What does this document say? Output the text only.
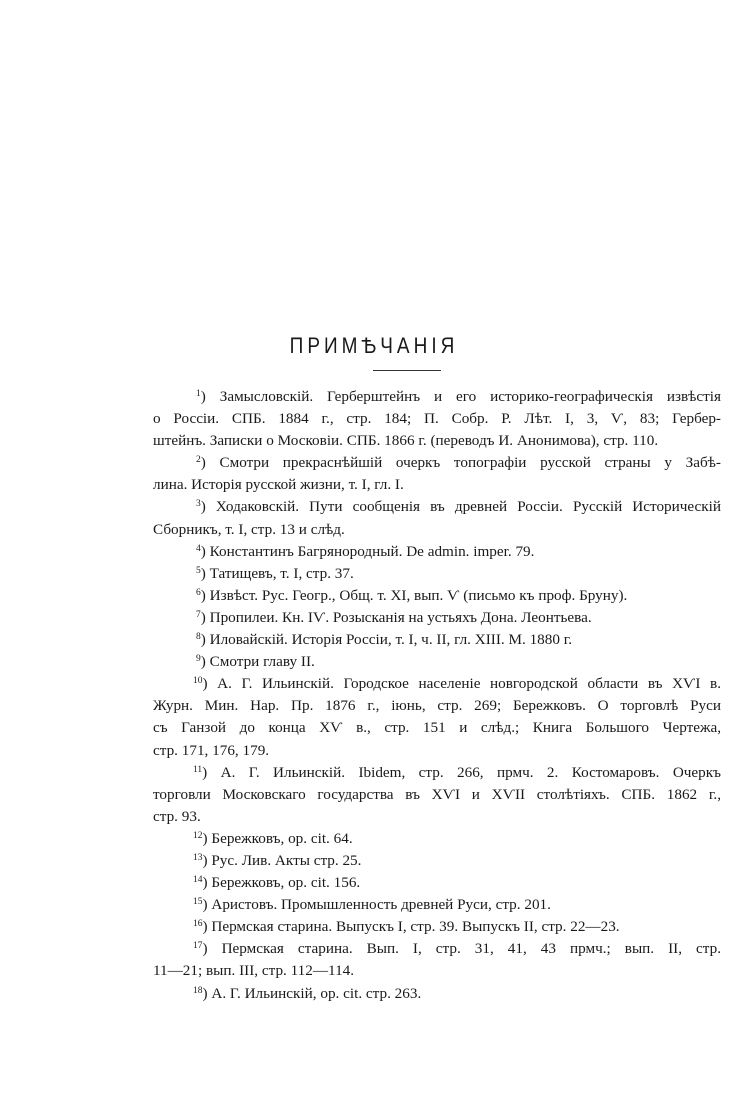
ПРИМѢЧАНІЯ
$^1$) Замысловскій. Герберштейнъ и его историко-географическія извѣстія
о Россіи. СПБ. 1884 г., стр. 184; П. Собр. Р. Лѣт. I, 3, Ѵ, 83; Гербер-
штейнъ. Записки о Московіи. СПБ. 1866 г. (переводъ И. Анонимова), стр. 110.
$^2$) Смотри прекраснѣйшій очеркъ топографіи русской страны у Забѣ-
лина. Исторія русской жизни, т. I, гл. I.
$^3$) Ходаковскій. Пути сообщенія въ древней Россіи. Русскій Историческій
Сборникъ, т. I, стр. 13 и слѣд.
$^4$) Константинъ Багрянородный. De admin. imper. 79.
$^5$) Татищевъ, т. I, стр. 37.
$^6$) Извѣст. Рус. Геогр., Общ. т. XI, вып. Ѵ (письмо къ проф. Бруну).
$^7$) Пропилеи. Кн. IѴ. Розысканія на устьяхъ Дона. Леонтьева.
$^8$) Иловайскій. Исторія Россіи, т. I, ч. II, гл. XIII. М. 1880 г.
$^9$) Смотри главу II.
$^{10}$) А. Г. Ильинскій. Городское населеніе новгородской области въ XѴI в.
Журн. Мин. Нар. Пр. 1876 г., іюнь, стр. 269; Бережковъ. О торговлѣ Руси
съ Ганзой до конца XѴ в., стр. 151 и слѣд.; Книга Большого Чертежа,
стр. 171, 176, 179.
$^{11}$) А. Г. Ильинскій. Ibidem, стр. 266, прмч. 2. Костомаровъ. Очеркъ
торговли Московскаго государства въ XѴI и XѴII столѣтіяхъ. СПБ. 1862 г.,
стр. 93.
$^{12}$) Бережковъ, op. cit. 64.
$^{13}$) Рус. Лив. Акты стр. 25.
$^{14}$) Бережковъ, op. cit. 156.
$^{15}$) Аристовъ. Промышленность древней Руси, стр. 201.
$^{16}$) Пермская старина. Выпускъ I, стр. 39. Выпускъ II, стр. 22—23.
$^{17}$) Пермская старина. Вып. I, стр. 31, 41, 43 прмч.; вып. II, стр.
11—21; вып. III, стр. 112—114.
$^{18}$) А. Г. Ильинскій, op. cit. стр. 263.
